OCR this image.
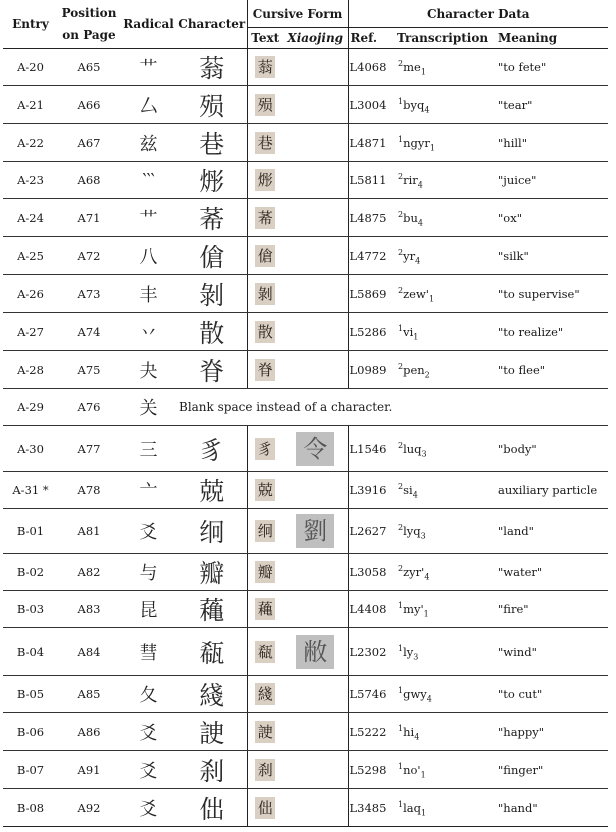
Entry	Position on Page	Radical	Character	Cursive Form		Character Data		
				Text	Xiaojing	Ref.	Transcription	Meaning
A-20	A65	艹	蓊	蓊		L4068	$^2me_1$	"to fete"
A-21	A66	厶	殒	殒		L3004	$^1$byq$_4$	"tear"
A-22	A67	兹	巷	巷		L4871	$^1$ngyr$_1$	"hill"
A-23	A68	‵‵‵	烿	烿		L5811	$^2$rir$_4$	"juice"
A-24	A71	艹	莃	莃		L4875	$^2bu_4$	"ox"
A-25	A72	八	傖	傖		L4772	$^2yr_4$	"silk"
A-26	A73	丰	剝	剝		L5869	$^2zew'_1$	"to supervise"
A-27	A74	丷	散	散		L5286	$^1vi_1$	"to realize"
A-28	A75	夬	脊	脊		L0989	$^2$pen$_2$	"to flee"
A-29	A76	关	Blank space instead of a character.					
A-30	A77	三	豸	豸	令	L1546	$^2$luq$_3$	"body"
A-31 *	A78	亠	兢	兢		L3916	$^2si_4$	auxiliary particle
B-01	A81	爻	䌹	䌹	劉	L2627	$^2$lyq$_3$	"land"
B-02	A82	与	瓣	瓣		L3058	$^2zyr'_4$	"water"
B-03	A83	昆	蘒	蘒		L4408	$^1my'_1$	"fire"
B-04	A84	彗	瓻	瓻	敝	L2302	$^1ly_3$	"wind"
B-05	A85	夂	綫	綫		L5746	$^1$gwy$_4$	"to cut"
B-06	A86	爻	䛕	䛕		L5222	$^1hi_4$	"happy"
B-07	A91	爻	刹	刹		L5298	$^1no'_1$	"finger"
B-08	A92	爻	㑁	㑁		L3485	$^1$laq$_1$	"hand"
